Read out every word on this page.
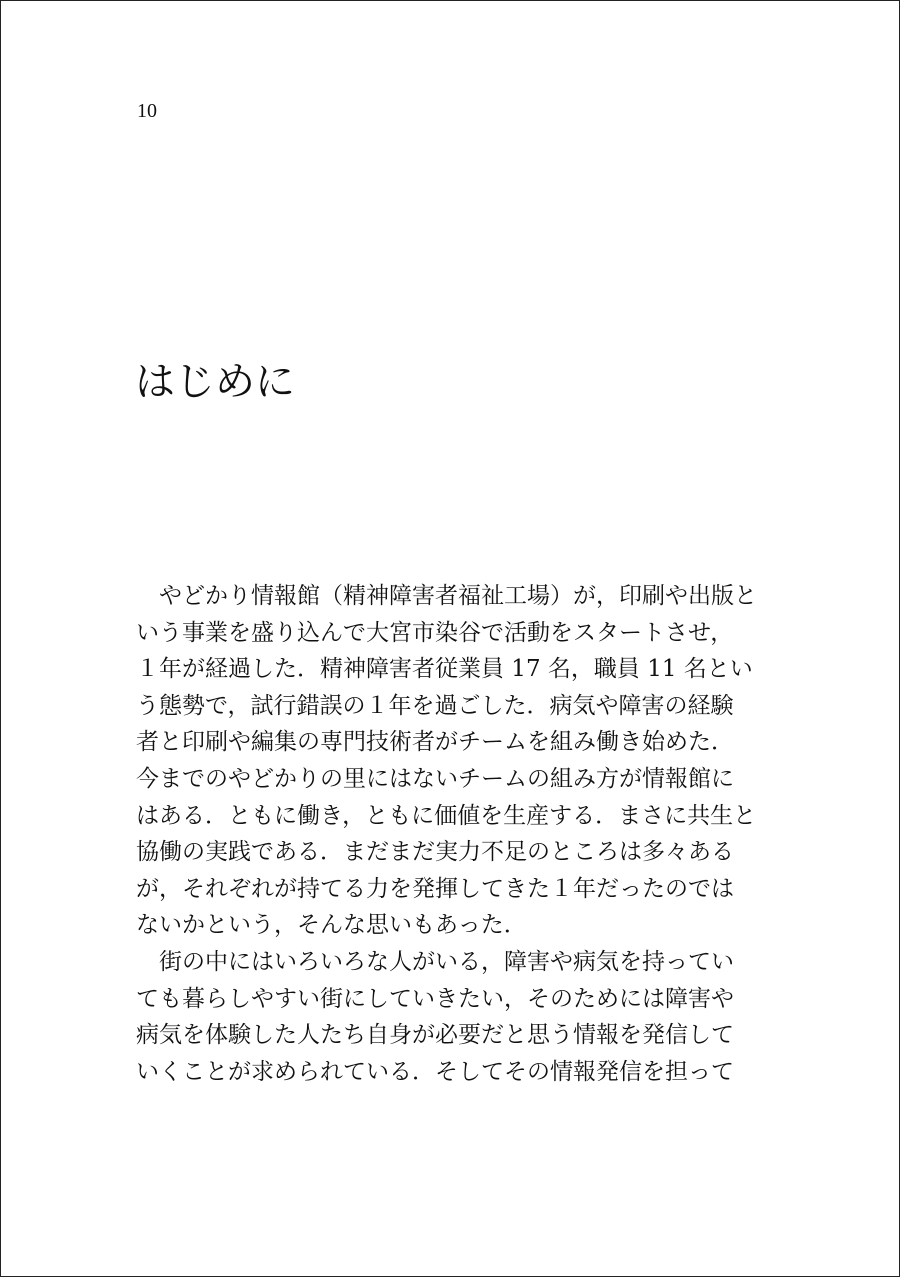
10
はじめに
　やどかり情報館（精神障害者福祉工場）が，印刷や出版と
いう事業を盛り込んで大宮市染谷で活動をスタートさせ，
１年が経過した．精神障害者従業員 17 名，職員 11 名とい
う態勢で，試行錯誤の１年を過ごした．病気や障害の経験
者と印刷や編集の専門技術者がチームを組み働き始めた．
今までのやどかりの里にはないチームの組み方が情報館に
はある．ともに働き，ともに価値を生産する．まさに共生と
協働の実践である．まだまだ実力不足のところは多々ある
が，それぞれが持てる力を発揮してきた１年だったのでは
ないかという，そんな思いもあった．
　街の中にはいろいろな人がいる，障害や病気を持ってい
ても暮らしやすい街にしていきたい，そのためには障害や
病気を体験した人たち自身が必要だと思う情報を発信して
いくことが求められている．そしてその情報発信を担って
